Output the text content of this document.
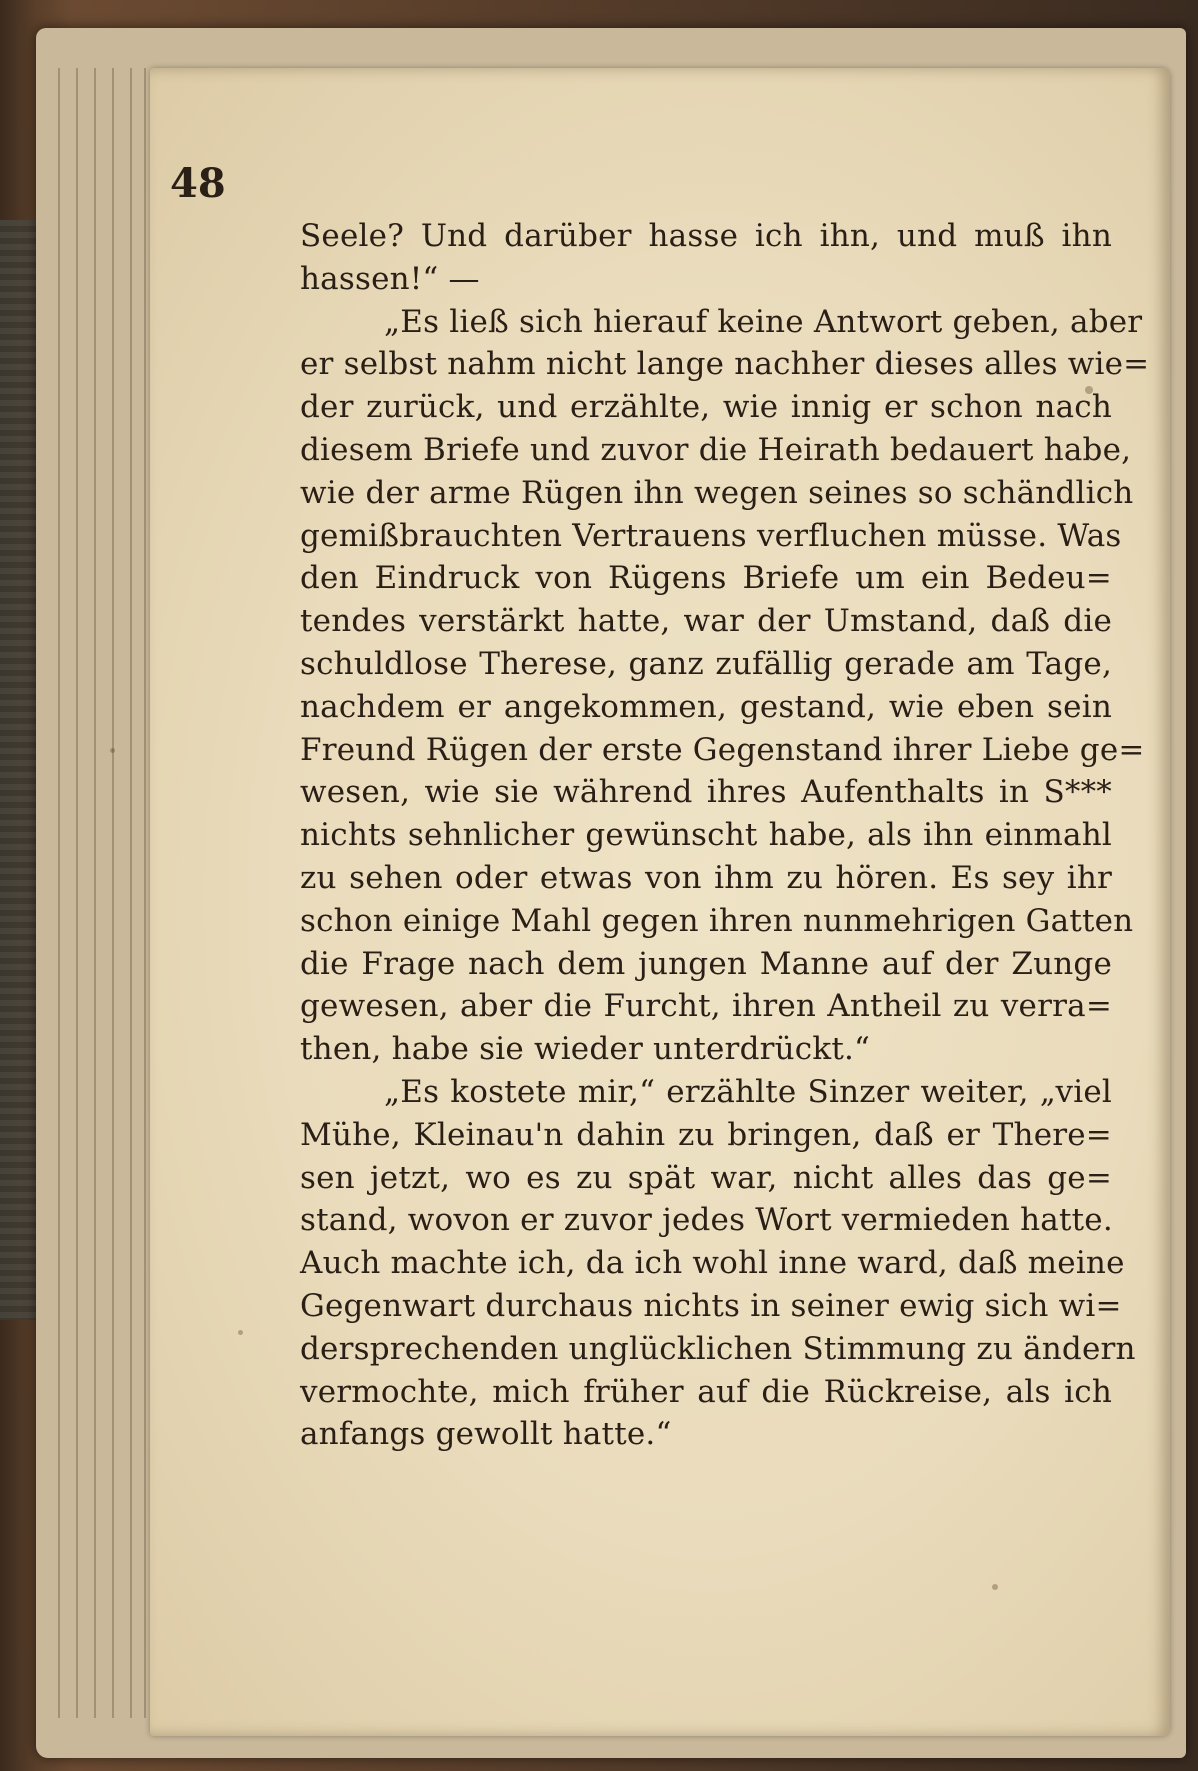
48
Seele? Und darüber hasse ich ihn, und muß ihn
hassen!“ —
„Es ließ sich hierauf keine Antwort geben, aber
er selbst nahm nicht lange nachher dieses alles wie=
der zurück, und erzählte, wie innig er schon nach
diesem Briefe und zuvor die Heirath bedauert habe,
wie der arme Rügen ihn wegen seines so schändlich
gemißbrauchten Vertrauens verfluchen müsse. Was
den Eindruck von Rügens Briefe um ein Bedeu=
tendes verstärkt hatte, war der Umstand, daß die
schuldlose Therese, ganz zufällig gerade am Tage,
nachdem er angekommen, gestand, wie eben sein
Freund Rügen der erste Gegenstand ihrer Liebe ge=
wesen, wie sie während ihres Aufenthalts in S***
nichts sehnlicher gewünscht habe, als ihn einmahl
zu sehen oder etwas von ihm zu hören. Es sey ihr
schon einige Mahl gegen ihren nunmehrigen Gatten
die Frage nach dem jungen Manne auf der Zunge
gewesen, aber die Furcht, ihren Antheil zu verra=
then, habe sie wieder unterdrückt.“
„Es kostete mir,“ erzählte Sinzer weiter, „viel
Mühe, Kleinau'n dahin zu bringen, daß er There=
sen jetzt, wo es zu spät war, nicht alles das ge=
stand, wovon er zuvor jedes Wort vermieden hatte.
Auch machte ich, da ich wohl inne ward, daß meine
Gegenwart durchaus nichts in seiner ewig sich wi=
dersprechenden unglücklichen Stimmung zu ändern
vermochte, mich früher auf die Rückreise, als ich
anfangs gewollt hatte.“
